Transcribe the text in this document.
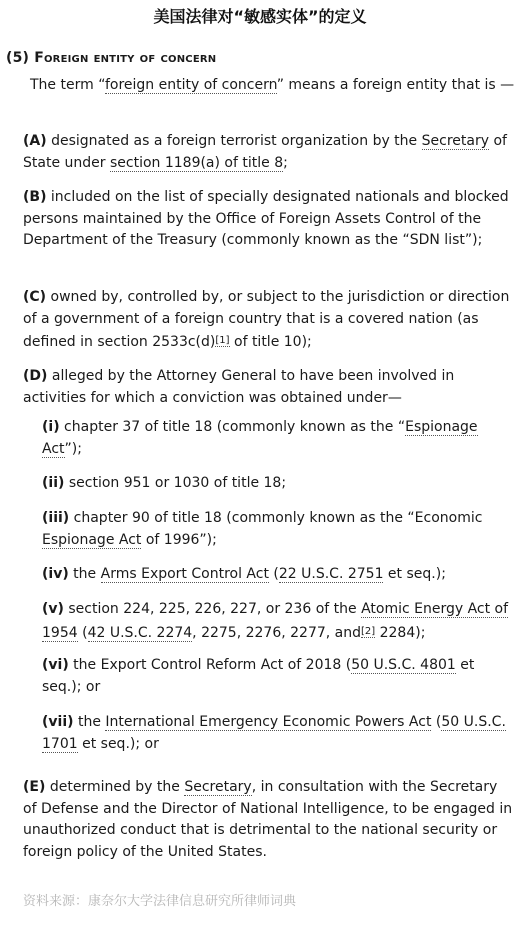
美国法律对“敏感实体”的定义
(5) Foreign entity of concern
The term “foreign entity of concern” means a foreign entity that is —
(A) designated as a foreign terrorist organization by the Secretary of State under section 1189(a) of title 8;
(B) included on the list of specially designated nationals and blocked persons maintained by the Office of Foreign Assets Control of the Department of the Treasury (commonly known as the “SDN list”);
(C) owned by, controlled by, or subject to the jurisdiction or direction of a government of a foreign country that is a covered nation (as defined in section 2533c(d)[1] of title 10);
(D) alleged by the Attorney General to have been involved in activities for which a conviction was obtained under—
(i) chapter 37 of title 18 (commonly known as the “Espionage Act”);
(ii) section 951 or 1030 of title 18;
(iii) chapter 90 of title 18 (commonly known as the “Economic Espionage Act of 1996”);
(iv) the Arms Export Control Act (22 U.S.C. 2751 et seq.);
(v) section 224, 225, 226, 227, or 236 of the Atomic Energy Act of 1954 (42 U.S.C. 2274, 2275, 2276, 2277, and[2] 2284);
(vi) the Export Control Reform Act of 2018 (50 U.S.C. 4801 et seq.); or
(vii) the International Emergency Economic Powers Act (50 U.S.C. 1701 et seq.); or
(E) determined by the Secretary, in consultation with the Secretary of Defense and the Director of National Intelligence, to be engaged in unauthorized conduct that is detrimental to the national security or foreign policy of the United States.
资料来源：康奈尔大学法律信息研究所律师词典
